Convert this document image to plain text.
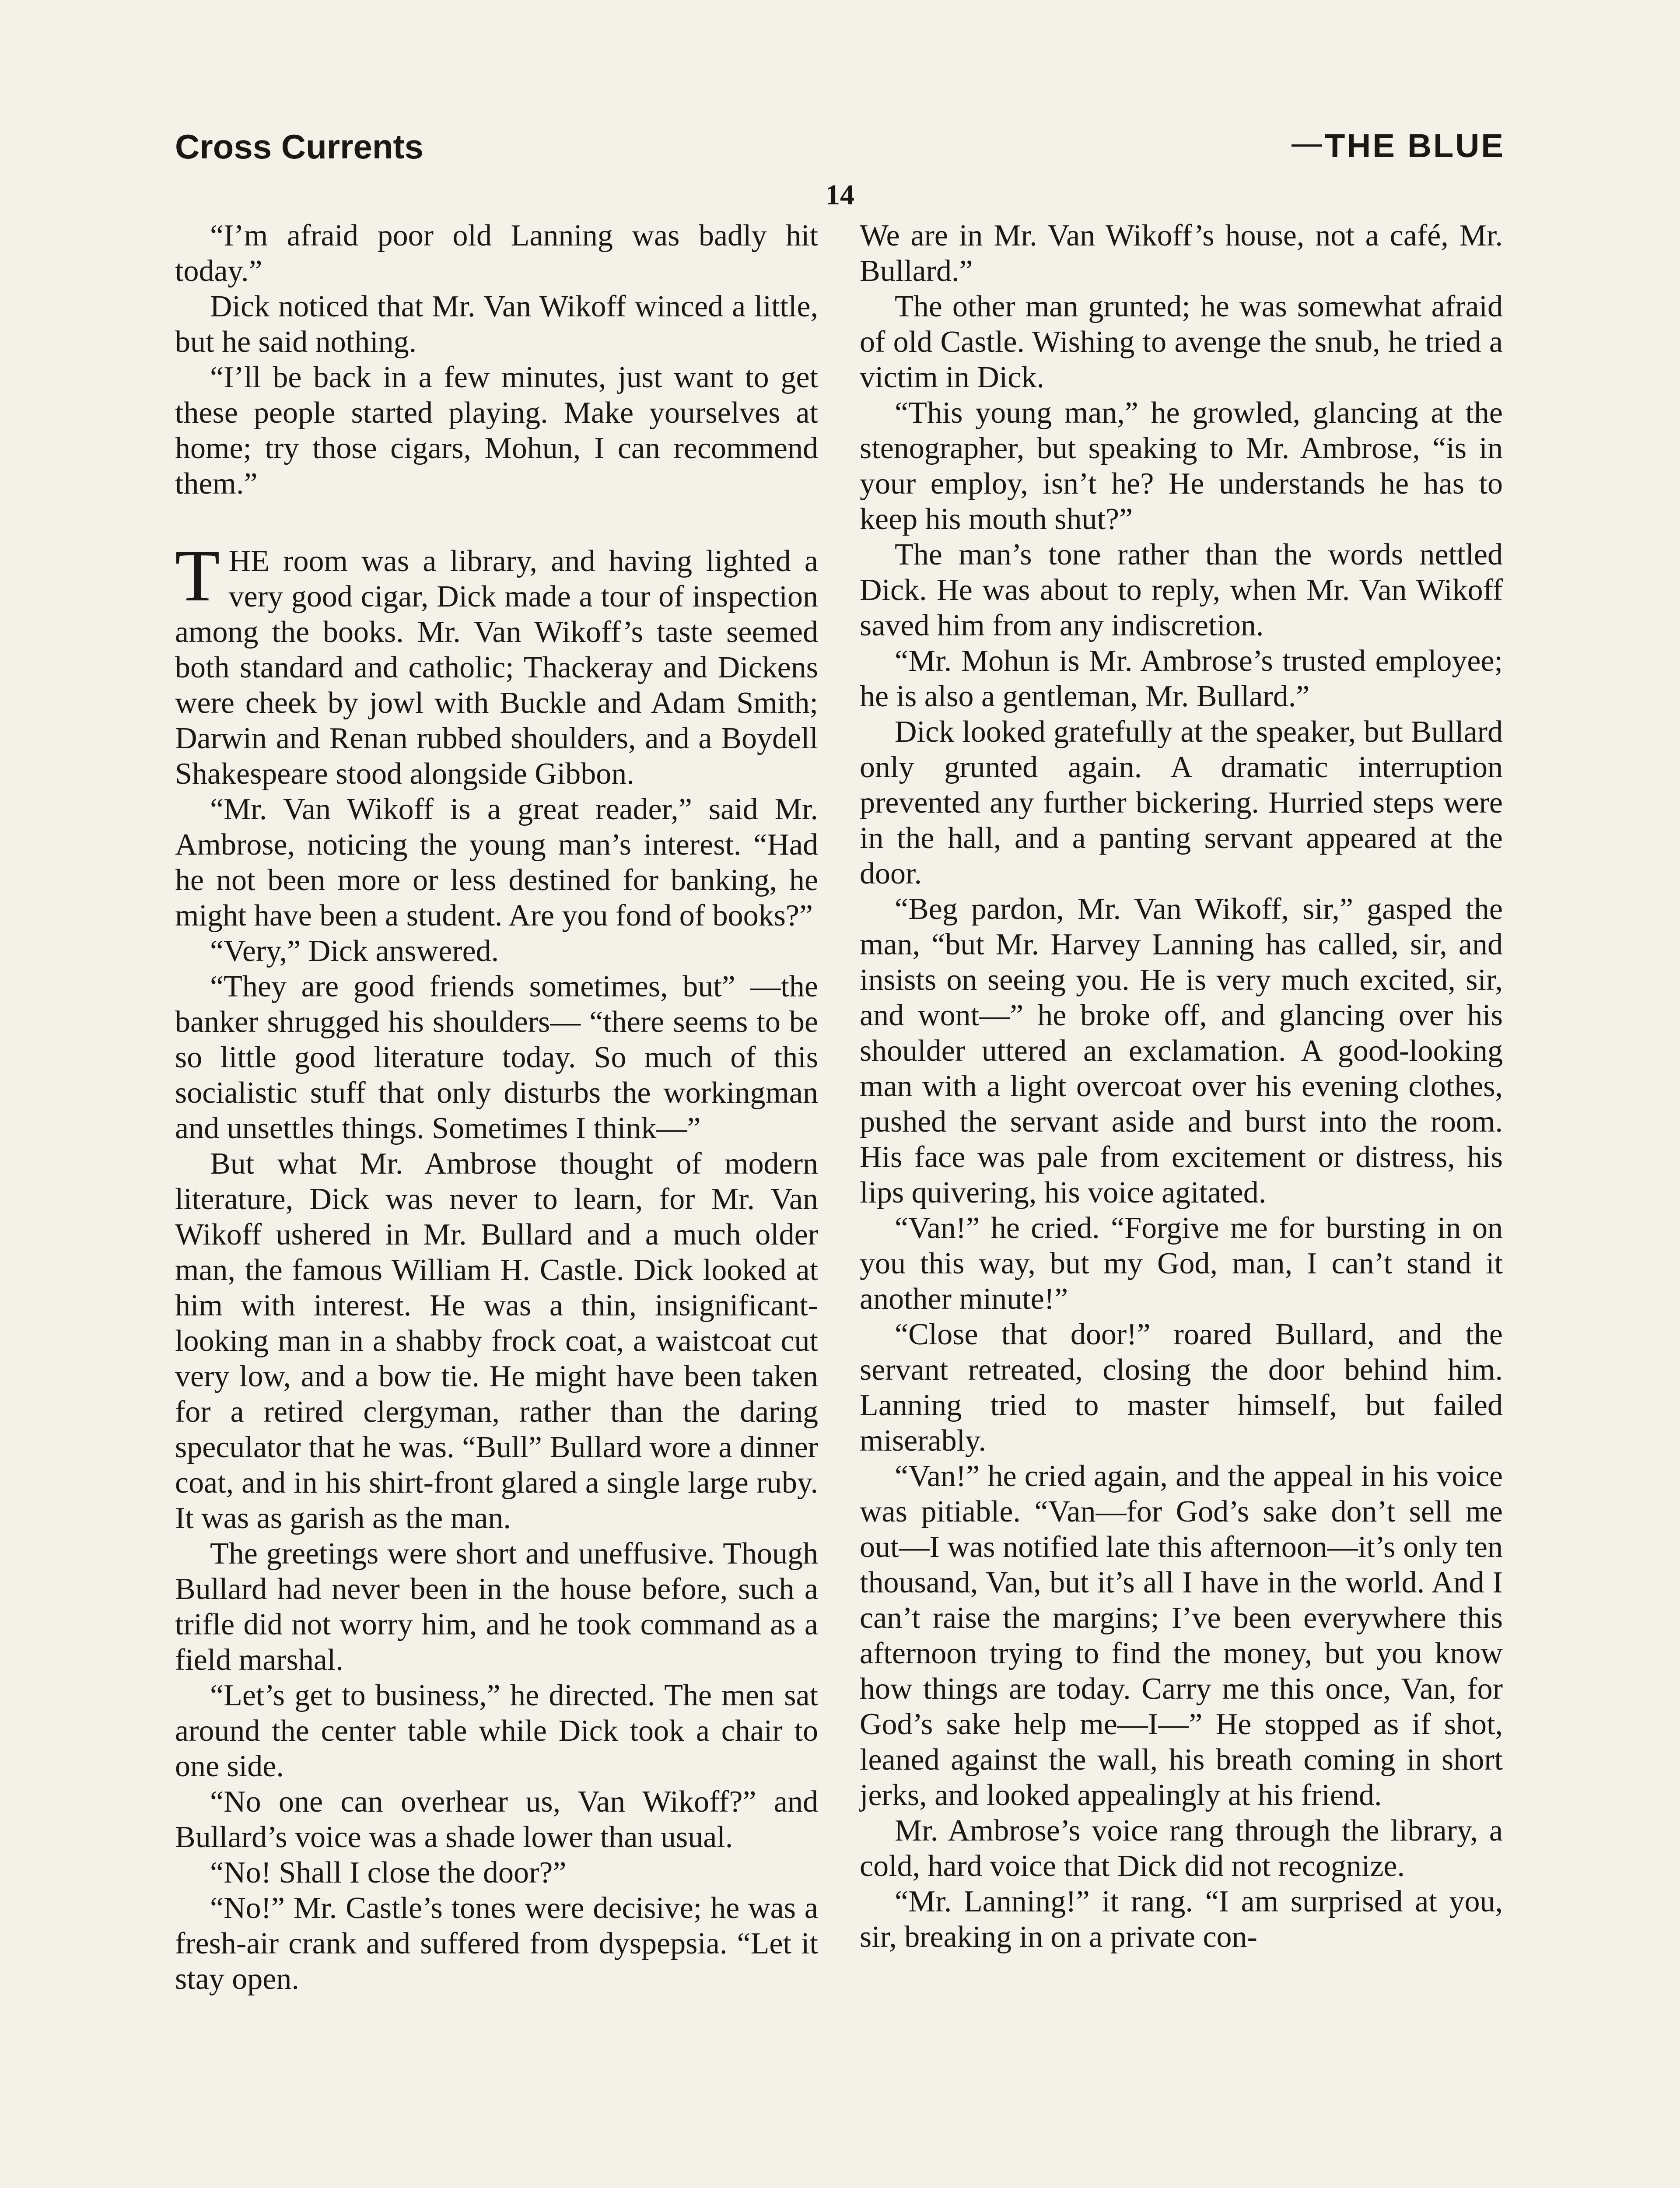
Cross Currents	THE BLUE
14

“I’m afraid poor old Lanning was badly hit today.”

Dick noticed that Mr. Van Wikoff winced a little, but he said nothing.

“I’ll be back in a few minutes, just want to get these people started playing. Make yourselves at home; try those cigars, Mohun, I can recommend them.”

THE room was a library, and having lighted a very good cigar, Dick made a tour of inspection among the books. Mr. Van Wikoff’s taste seemed both standard and catholic; Thackeray and Dickens were cheek by jowl with Buckle and Adam Smith; Darwin and Renan rubbed shoulders, and a Boydell Shakespeare stood alongside Gibbon.

“Mr. Van Wikoff is a great reader,” said Mr. Ambrose, noticing the young man’s interest. “Had he not been more or less destined for banking, he might have been a student. Are you fond of books?”

“Very,” Dick answered.

“They are good friends sometimes, but” —the banker shrugged his shoulders— “there seems to be so little good literature today. So much of this socialistic stuff that only disturbs the workingman and unsettles things. Sometimes I think—”

But what Mr. Ambrose thought of modern literature, Dick was never to learn, for Mr. Van Wikoff ushered in Mr. Bullard and a much older man, the famous William H. Castle. Dick looked at him with interest. He was a thin, insignificant-looking man in a shabby frock coat, a waistcoat cut very low, and a bow tie. He might have been taken for a retired clergyman, rather than the daring speculator that he was. “Bull” Bullard wore a dinner coat, and in his shirt-front glared a single large ruby. It was as garish as the man.

The greetings were short and uneffusive. Though Bullard had never been in the house before, such a trifle did not worry him, and he took command as a field marshal.

“Let’s get to business,” he directed. The men sat around the center table while Dick took a chair to one side.

“No one can overhear us, Van Wikoff?” and Bullard’s voice was a shade lower than usual.

“No! Shall I close the door?”

“No!” Mr. Castle’s tones were decisive; he was a fresh-air crank and suffered from dyspepsia. “Let it stay open.

We are in Mr. Van Wikoff’s house, not a café, Mr. Bullard.”

The other man grunted; he was somewhat afraid of old Castle. Wishing to avenge the snub, he tried a victim in Dick.

“This young man,” he growled, glancing at the stenographer, but speaking to Mr. Ambrose, “is in your employ, isn’t he? He understands he has to keep his mouth shut?”

The man’s tone rather than the words nettled Dick. He was about to reply, when Mr. Van Wikoff saved him from any indiscretion.

“Mr. Mohun is Mr. Ambrose’s trusted employee; he is also a gentleman, Mr. Bullard.”

Dick looked gratefully at the speaker, but Bullard only grunted again. A dramatic interruption prevented any further bickering. Hurried steps were in the hall, and a panting servant appeared at the door.

“Beg pardon, Mr. Van Wikoff, sir,” gasped the man, “but Mr. Harvey Lanning has called, sir, and insists on seeing you. He is very much excited, sir, and wont—” he broke off, and glancing over his shoulder uttered an exclamation. A good-looking man with a light overcoat over his evening clothes, pushed the servant aside and burst into the room. His face was pale from excitement or distress, his lips quivering, his voice agitated.

“Van!” he cried. “Forgive me for bursting in on you this way, but my God, man, I can’t stand it another minute!”

“Close that door!” roared Bullard, and the servant retreated, closing the door behind him. Lanning tried to master himself, but failed miserably.

“Van!” he cried again, and the appeal in his voice was pitiable. “Van—for God’s sake don’t sell me out—I was notified late this afternoon—it’s only ten thousand, Van, but it’s all I have in the world. And I can’t raise the margins; I’ve been everywhere this afternoon trying to find the money, but you know how things are today. Carry me this once, Van, for God’s sake help me—I—” He stopped as if shot, leaned against the wall, his breath coming in short jerks, and looked appealingly at his friend.

Mr. Ambrose’s voice rang through the library, a cold, hard voice that Dick did not recognize.

“Mr. Lanning!” it rang. “I am surprised at you, sir, breaking in on a private con-
